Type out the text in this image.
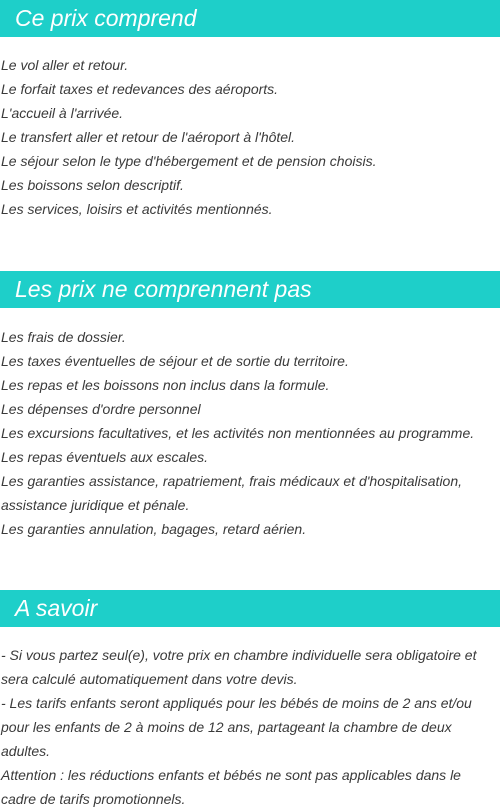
Ce prix comprend
Le vol aller et retour.
Le forfait taxes et redevances des aéroports.
L'accueil à l'arrivée.
Le transfert aller et retour de l'aéroport à l'hôtel.
Le séjour selon le type d'hébergement et de pension choisis.
Les boissons selon descriptif.
Les services, loisirs et activités mentionnés.
Les prix ne comprennent pas
Les frais de dossier.
Les taxes éventuelles de séjour et de sortie du territoire.
Les repas et les boissons non inclus dans la formule.
Les dépenses d'ordre personnel
Les excursions facultatives, et les activités non mentionnées au programme.
Les repas éventuels aux escales.
Les garanties assistance, rapatriement, frais médicaux et d'hospitalisation, assistance juridique et pénale.
Les garanties annulation, bagages, retard aérien.
A savoir
- Si vous partez seul(e), votre prix en chambre individuelle sera obligatoire et sera calculé automatiquement dans votre devis.
- Les tarifs enfants seront appliqués pour les bébés de moins de 2 ans et/ou pour les enfants de 2 à moins de 12 ans, partageant la chambre de deux adultes.
Attention : les réductions enfants et bébés ne sont pas applicables dans le cadre de tarifs promotionnels.
